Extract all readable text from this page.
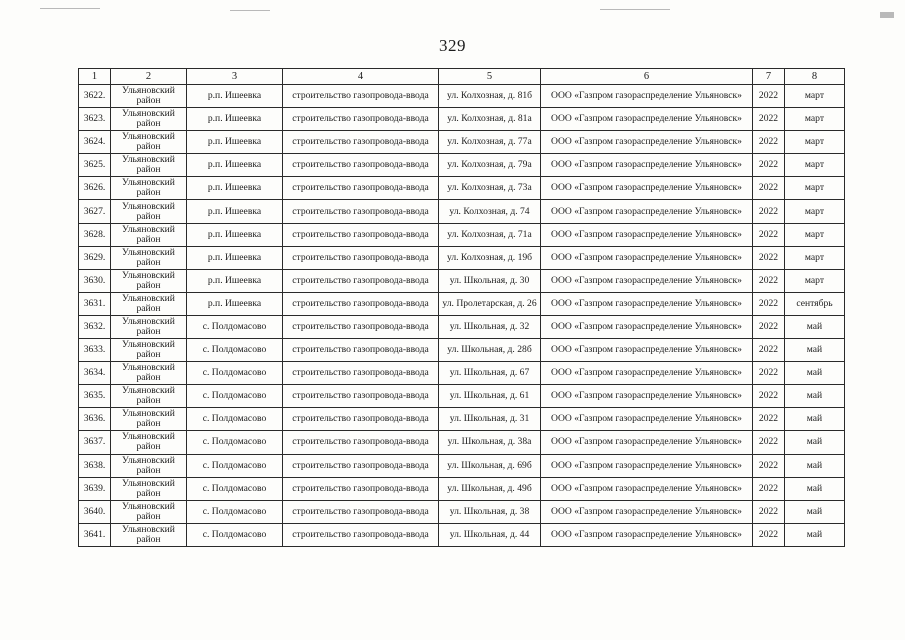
329
1	2	3	4	5	6	7	8
3622.	Ульяновский район	р.п. Ишеевка	строительство газопровода-ввода	ул. Колхозная, д. 81б	ООО «Газпром газораспределение Ульяновск»	2022	март
3623.	Ульяновский район	р.п. Ишеевка	строительство газопровода-ввода	ул. Колхозная, д. 81а	ООО «Газпром газораспределение Ульяновск»	2022	март
3624.	Ульяновский район	р.п. Ишеевка	строительство газопровода-ввода	ул. Колхозная, д. 77а	ООО «Газпром газораспределение Ульяновск»	2022	март
3625.	Ульяновский район	р.п. Ишеевка	строительство газопровода-ввода	ул. Колхозная, д. 79а	ООО «Газпром газораспределение Ульяновск»	2022	март
3626.	Ульяновский район	р.п. Ишеевка	строительство газопровода-ввода	ул. Колхозная, д. 73а	ООО «Газпром газораспределение Ульяновск»	2022	март
3627.	Ульяновский район	р.п. Ишеевка	строительство газопровода-ввода	ул. Колхозная, д. 74	ООО «Газпром газораспределение Ульяновск»	2022	март
3628.	Ульяновский район	р.п. Ишеевка	строительство газопровода-ввода	ул. Колхозная, д. 71а	ООО «Газпром газораспределение Ульяновск»	2022	март
3629.	Ульяновский район	р.п. Ишеевка	строительство газопровода-ввода	ул. Колхозная, д. 19б	ООО «Газпром газораспределение Ульяновск»	2022	март
3630.	Ульяновский район	р.п. Ишеевка	строительство газопровода-ввода	ул. Школьная, д. 30	ООО «Газпром газораспределение Ульяновск»	2022	март
3631.	Ульяновский район	р.п. Ишеевка	строительство газопровода-ввода	ул. Пролетарская, д. 26	ООО «Газпром газораспределение Ульяновск»	2022	сентябрь
3632.	Ульяновский район	с. Полдомасово	строительство газопровода-ввода	ул. Школьная, д. 32	ООО «Газпром газораспределение Ульяновск»	2022	май
3633.	Ульяновский район	с. Полдомасово	строительство газопровода-ввода	ул. Школьная, д. 28б	ООО «Газпром газораспределение Ульяновск»	2022	май
3634.	Ульяновский район	с. Полдомасово	строительство газопровода-ввода	ул. Школьная, д. 67	ООО «Газпром газораспределение Ульяновск»	2022	май
3635.	Ульяновский район	с. Полдомасово	строительство газопровода-ввода	ул. Школьная, д. 61	ООО «Газпром газораспределение Ульяновск»	2022	май
3636.	Ульяновский район	с. Полдомасово	строительство газопровода-ввода	ул. Школьная, д. 31	ООО «Газпром газораспределение Ульяновск»	2022	май
3637.	Ульяновский район	с. Полдомасово	строительство газопровода-ввода	ул. Школьная, д. 38а	ООО «Газпром газораспределение Ульяновск»	2022	май
3638.	Ульяновский район	с. Полдомасово	строительство газопровода-ввода	ул. Школьная, д. 69б	ООО «Газпром газораспределение Ульяновск»	2022	май
3639.	Ульяновский район	с. Полдомасово	строительство газопровода-ввода	ул. Школьная, д. 49б	ООО «Газпром газораспределение Ульяновск»	2022	май
3640.	Ульяновский район	с. Полдомасово	строительство газопровода-ввода	ул. Школьная, д. 38	ООО «Газпром газораспределение Ульяновск»	2022	май
3641.	Ульяновский район	с. Полдомасово	строительство газопровода-ввода	ул. Школьная, д. 44	ООО «Газпром газораспределение Ульяновск»	2022	май
